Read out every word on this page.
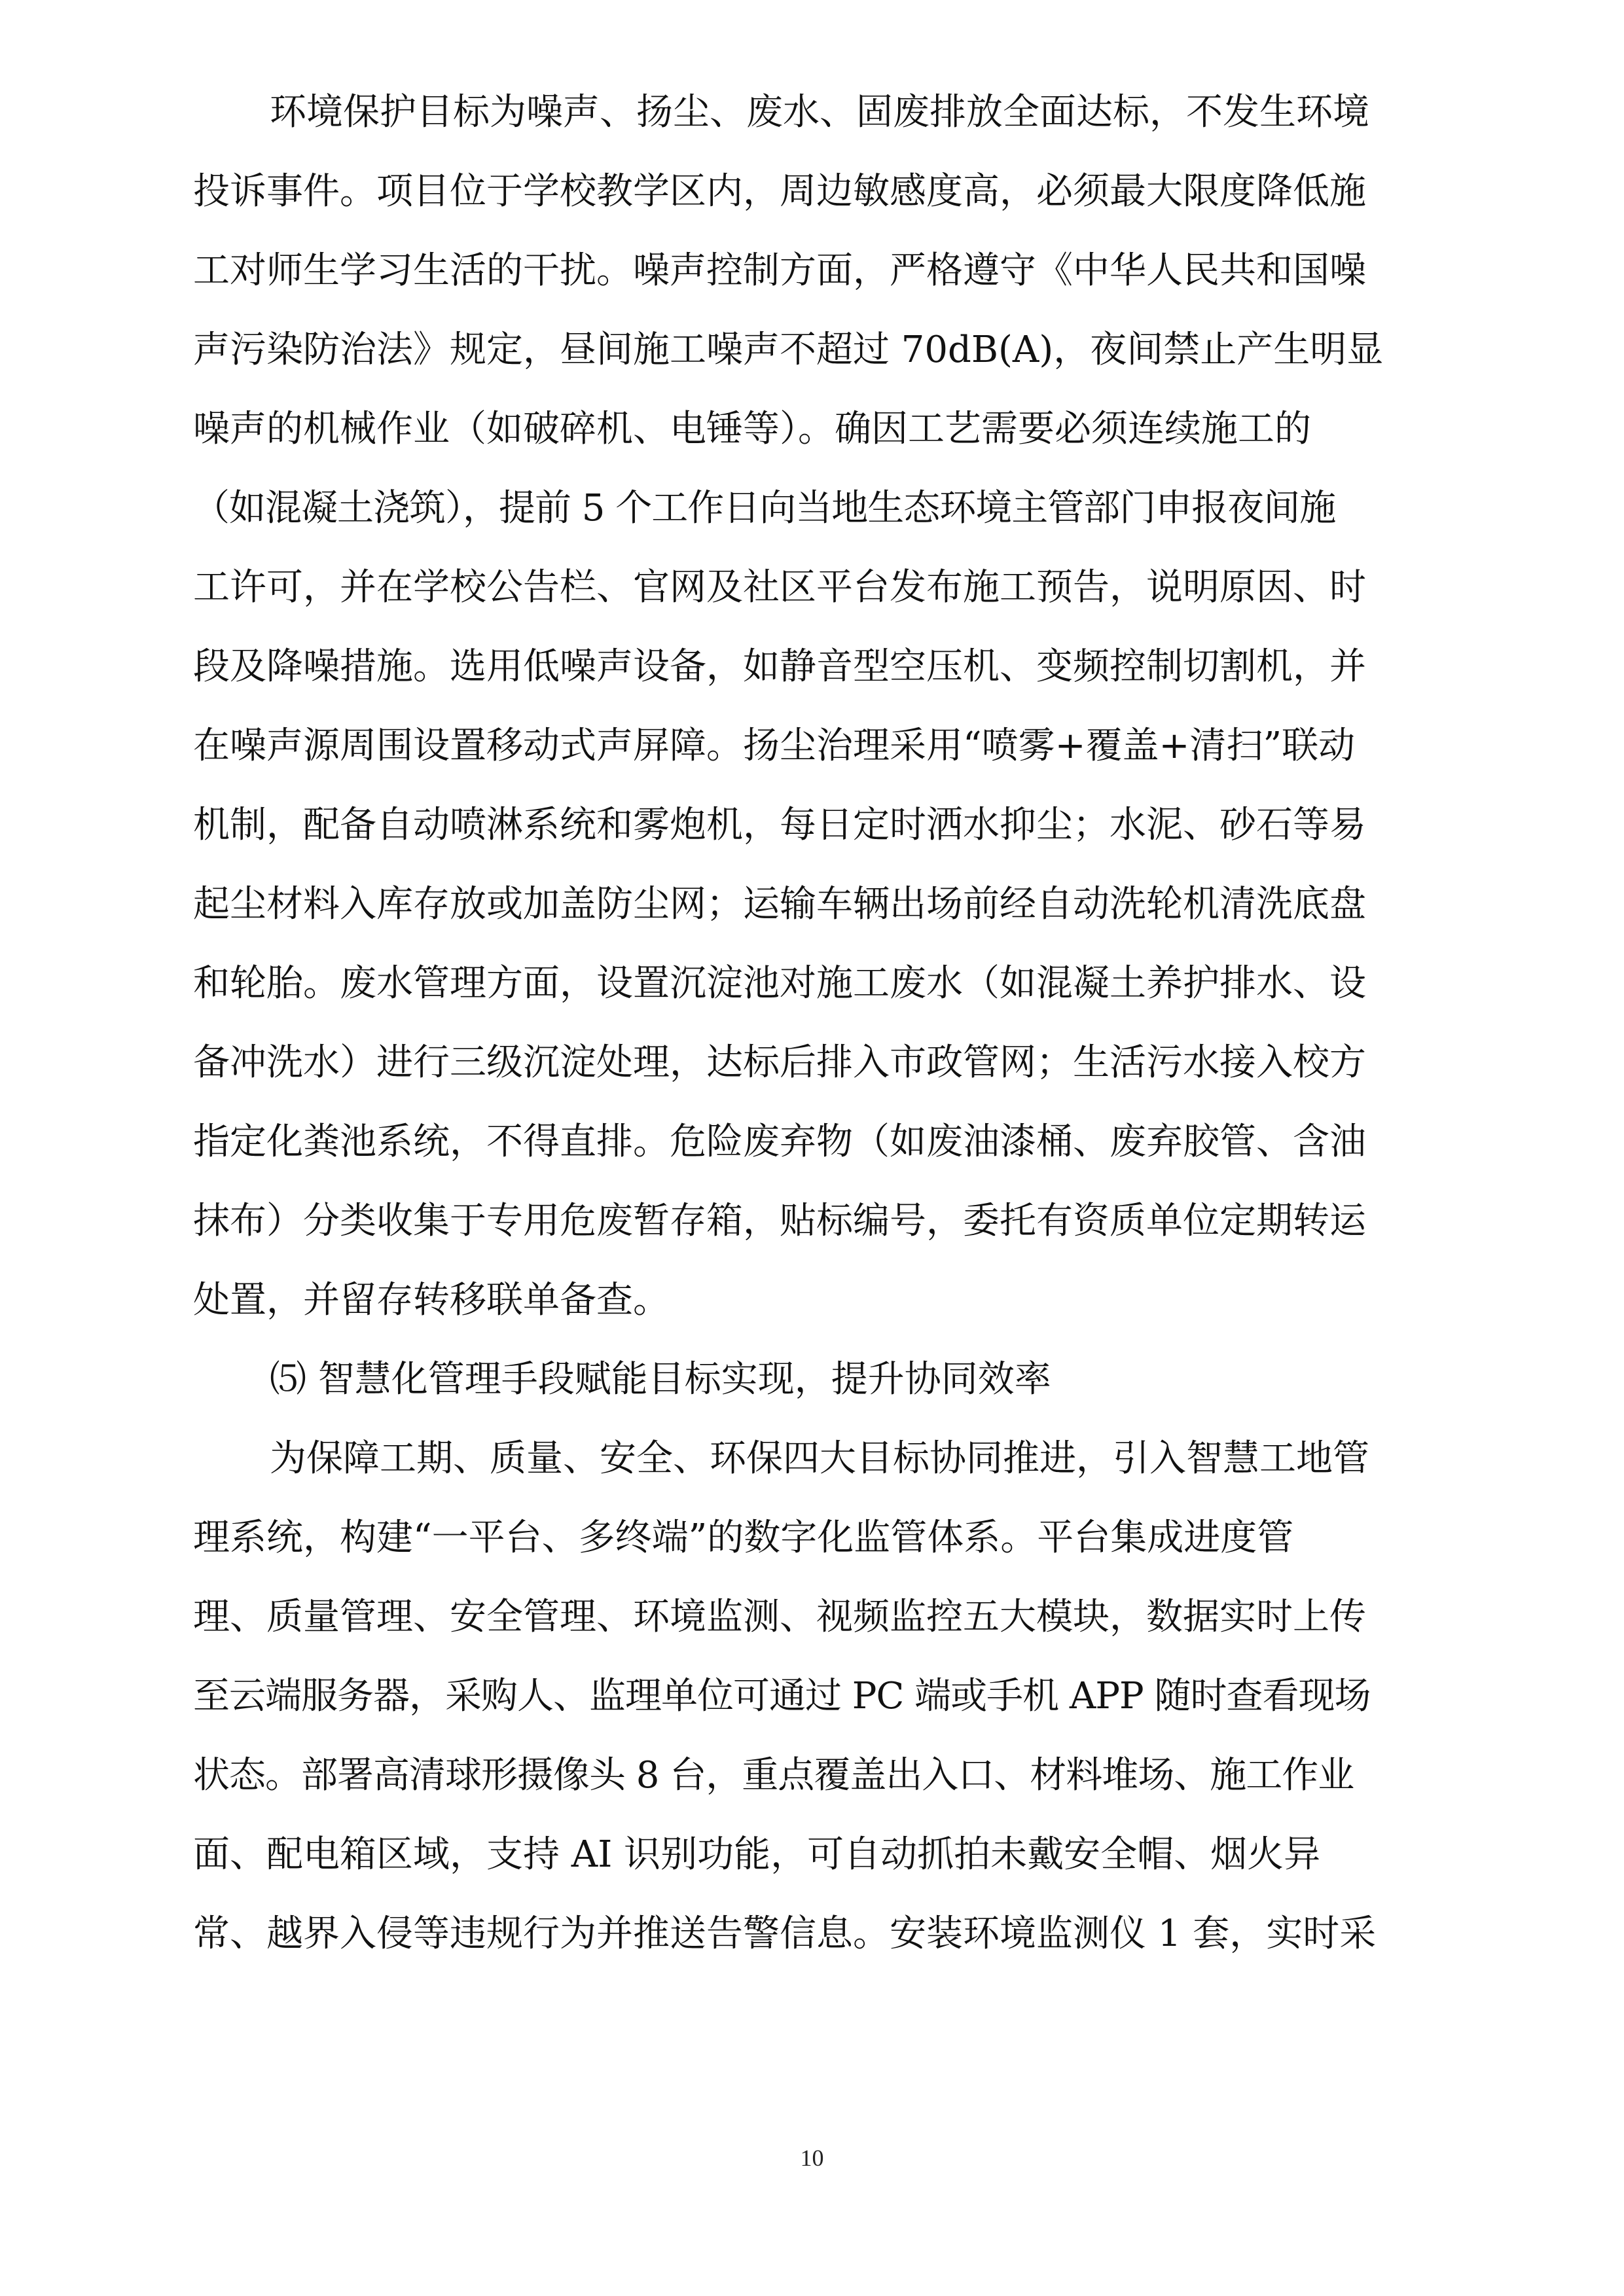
环境保护目标为噪声、扬尘、废水、固废排放全面达标，不发生环境
投诉事件。项目位于学校教学区内，周边敏感度高，必须最大限度降低施
工对师生学习生活的干扰。噪声控制方面，严格遵守《中华人民共和国噪
声污染防治法》规定，昼间施工噪声不超过 70dB(A)，夜间禁止产生明显
噪声的机械作业（如破碎机、电锤等）。确因工艺需要必须连续施工的
（如混凝土浇筑），提前 5 个工作日向当地生态环境主管部门申报夜间施
工许可，并在学校公告栏、官网及社区平台发布施工预告，说明原因、时
段及降噪措施。选用低噪声设备，如静音型空压机、变频控制切割机，并
在噪声源周围设置移动式声屏障。扬尘治理采用“喷雾+覆盖+清扫”联动
机制，配备自动喷淋系统和雾炮机，每日定时洒水抑尘；水泥、砂石等易
起尘材料入库存放或加盖防尘网；运输车辆出场前经自动洗轮机清洗底盘
和轮胎。废水管理方面，设置沉淀池对施工废水（如混凝土养护排水、设
备冲洗水）进行三级沉淀处理，达标后排入市政管网；生活污水接入校方
指定化粪池系统，不得直排。危险废弃物（如废油漆桶、废弃胶管、含油
抹布）分类收集于专用危废暂存箱，贴标编号，委托有资质单位定期转运
处置，并留存转移联单备查。
⑸ 智慧化管理手段赋能目标实现，提升协同效率
为保障工期、质量、安全、环保四大目标协同推进，引入智慧工地管
理系统，构建“一平台、多终端”的数字化监管体系。平台集成进度管
理、质量管理、安全管理、环境监测、视频监控五大模块，数据实时上传
至云端服务器，采购人、监理单位可通过 PC 端或手机 APP 随时查看现场
状态。部署高清球形摄像头 8 台，重点覆盖出入口、材料堆场、施工作业
面、配电箱区域，支持 AI 识别功能，可自动抓拍未戴安全帽、烟火异
常、越界入侵等违规行为并推送告警信息。安装环境监测仪 1 套，实时采
10
